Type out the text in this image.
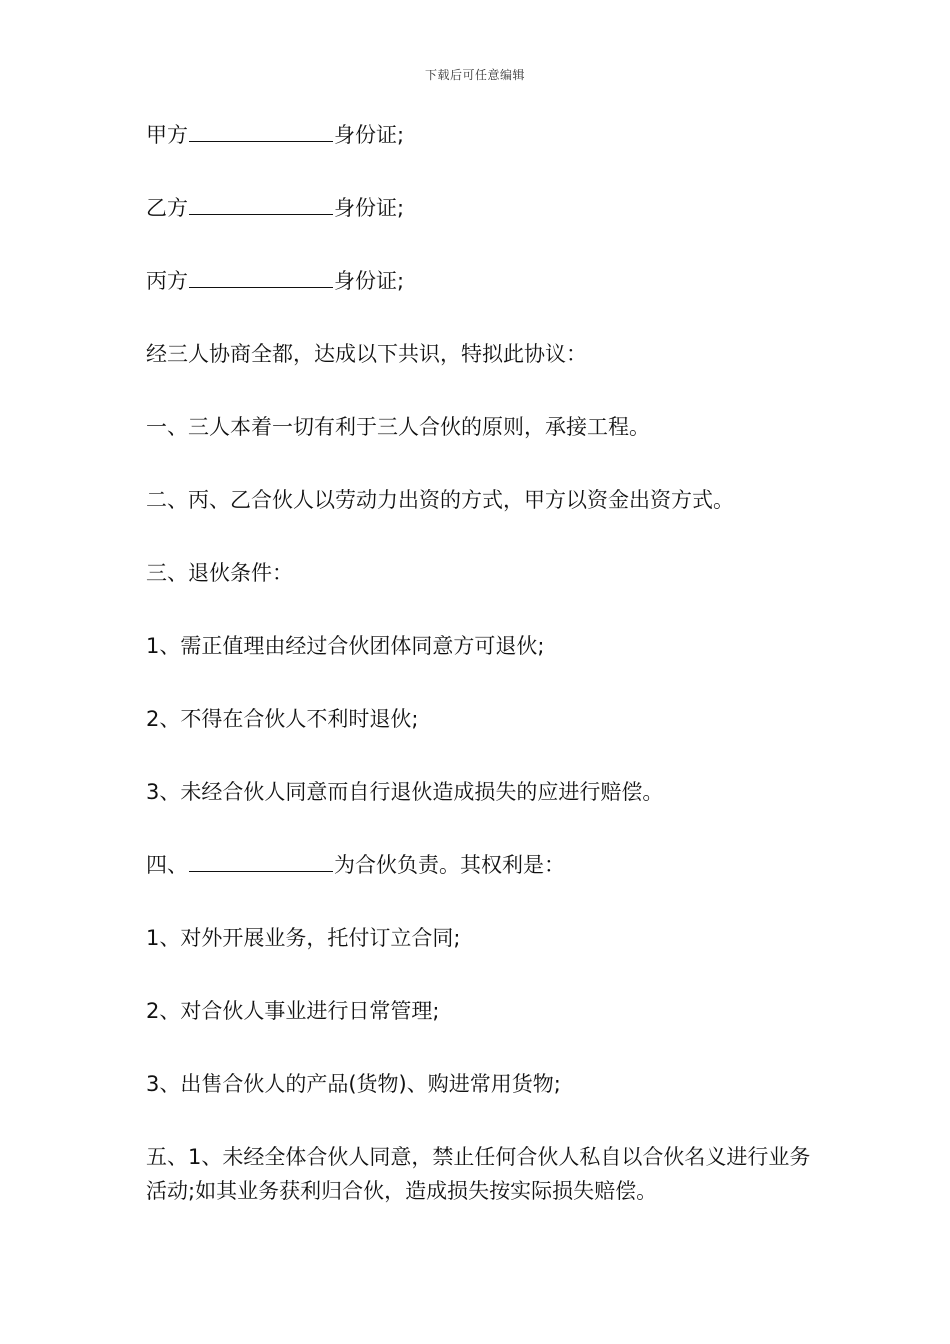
下载后可任意编辑

甲方	身份证;

乙方	身份证;

丙方	身份证;

经三人协商全都，达成以下共识，特拟此协议：

一、三人本着一切有利于三人合伙的原则，承接工程。

二、丙、乙合伙人以劳动力出资的方式，甲方以资金出资方式。

三、退伙条件：

1、需正值理由经过合伙团体同意方可退伙;

2、不得在合伙人不利时退伙;

3、未经合伙人同意而自行退伙造成损失的应进行赔偿。

四、	为合伙负责。其权利是：

1、对外开展业务，托付订立合同;

2、对合伙人事业进行日常管理;

3、出售合伙人的产品(货物)、购进常用货物;

五、1、未经全体合伙人同意，禁止任何合伙人私自以合伙名义进行业务活动;如其业务获利归合伙，造成损失按实际损失赔偿。
